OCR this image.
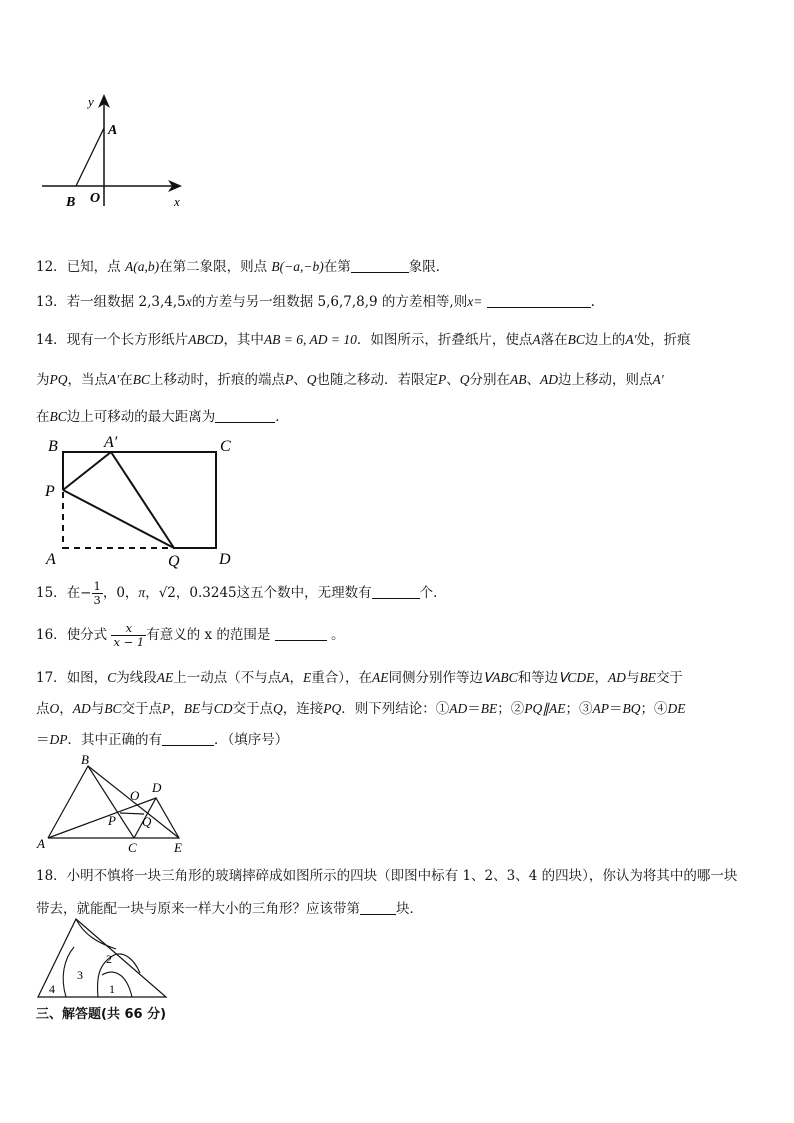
y
x
A
B O
12．已知，点 A(a,b)在第二象限，则点 B(−a,−b)在第	象限．
13．若一组数据 2,3,4,5x的方差与另一组数据 5,6,7,8,9 的方差相等,则x=	.
14．现有一个长方形纸片ABCD，其中AB = 6, AD = 10．如图所示，折叠纸片，使点A落在BC边上的A′处，折痕
为PQ，当点A′在BC上移动时，折痕的端点P、Q也随之移动．若限定P、Q分别在AB、AD边上移动，则点A′
在BC边上可移动的最大距离为	．
B	A′	C
P
A	Q D
15．在− $\frac{1}{3}$ ，0，π，√2，0.3245这五个数中，无理数有	个．
16．使分式 $\frac{x}{x - 1}$ 有意义的 x 的范围是	。
17．如图，C为线段AE上一动点（不与点A，E重合），在AE同侧分别作等边ᐯABC和等边ᐯCDE，AD与BE交于
点O，AD与BC交于点P，BE与CD交于点Q，连接PQ．则下列结论：①AD＝BE；②PQ∥AE；③AP＝BQ；④DE
＝DP．其中正确的有	．（填序号）
B
O
D
P Q
A	C	E
18．小明不慎将一块三角形的玻璃摔碎成如图所示的四块（即图中标有 1、2、3、4 的四块），你认为将其中的哪一块
带去，就能配一块与原来一样大小的三角形？应该带第	块．
1
2
3
4
三、解答题(共 66 分)
